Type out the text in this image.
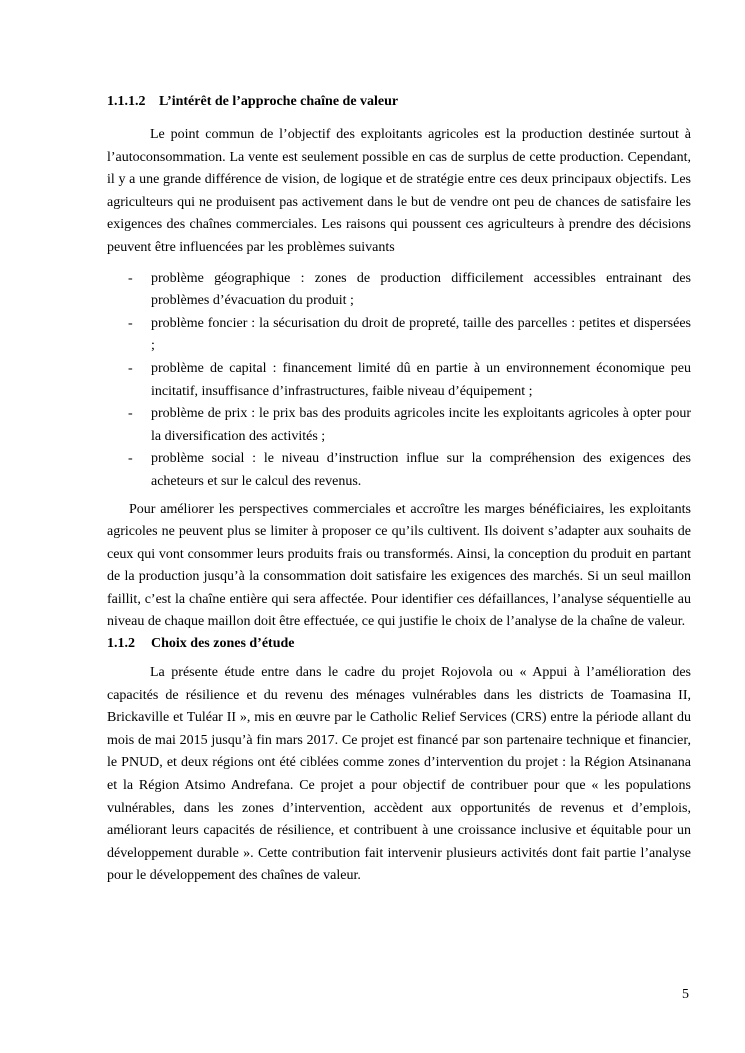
1.1.1.2 L’intérêt de l’approche chaîne de valeur

Le point commun de l’objectif des exploitants agricoles est la production destinée surtout à l’autoconsommation. La vente est seulement possible en cas de surplus de cette production. Cependant, il y a une grande différence de vision, de logique et de stratégie entre ces deux principaux objectifs. Les agriculteurs qui ne produisent pas activement dans le but de vendre ont peu de chances de satisfaire les exigences des chaînes commerciales. Les raisons qui poussent ces agriculteurs à prendre des décisions peuvent être influencées par les problèmes suivants

- problème géographique : zones de production difficilement accessibles entrainant des problèmes d’évacuation du produit ;
- problème foncier : la sécurisation du droit de propreté, taille des parcelles : petites et dispersées ;
- problème de capital : financement limité dû en partie à un environnement économique peu incitatif, insuffisance d’infrastructures, faible niveau d’équipement ;
- problème de prix : le prix bas des produits agricoles incite les exploitants agricoles à opter pour la diversification des activités ;
- problème social : le niveau d’instruction influe sur la compréhension des exigences des acheteurs et sur le calcul des revenus.

Pour améliorer les perspectives commerciales et accroître les marges bénéficiaires, les exploitants agricoles ne peuvent plus se limiter à proposer ce qu’ils cultivent. Ils doivent s’adapter aux souhaits de ceux qui vont consommer leurs produits frais ou transformés. Ainsi, la conception du produit en partant de la production jusqu’à la consommation doit satisfaire les exigences des marchés. Si un seul maillon faillit, c’est la chaîne entière qui sera affectée. Pour identifier ces défaillances, l’analyse séquentielle au niveau de chaque maillon doit être effectuée, ce qui justifie le choix de l’analyse de la chaîne de valeur.

1.1.2 Choix des zones d’étude

La présente étude entre dans le cadre du projet Rojovola ou « Appui à l’amélioration des capacités de résilience et du revenu des ménages vulnérables dans les districts de Toamasina II, Brickaville et Tuléar II », mis en œuvre par le Catholic Relief Services (CRS) entre la période allant du mois de mai 2015 jusqu’à fin mars 2017. Ce projet est financé par son partenaire technique et financier, le PNUD, et deux régions ont été ciblées comme zones d’intervention du projet : la Région Atsinanana et la Région Atsimo Andrefana. Ce projet a pour objectif de contribuer pour que « les populations vulnérables, dans les zones d’intervention, accèdent aux opportunités de revenus et d’emplois, améliorant leurs capacités de résilience, et contribuent à une croissance inclusive et équitable pour un développement durable ». Cette contribution fait intervenir plusieurs activités dont fait partie l’analyse pour le développement des chaînes de valeur.

5
